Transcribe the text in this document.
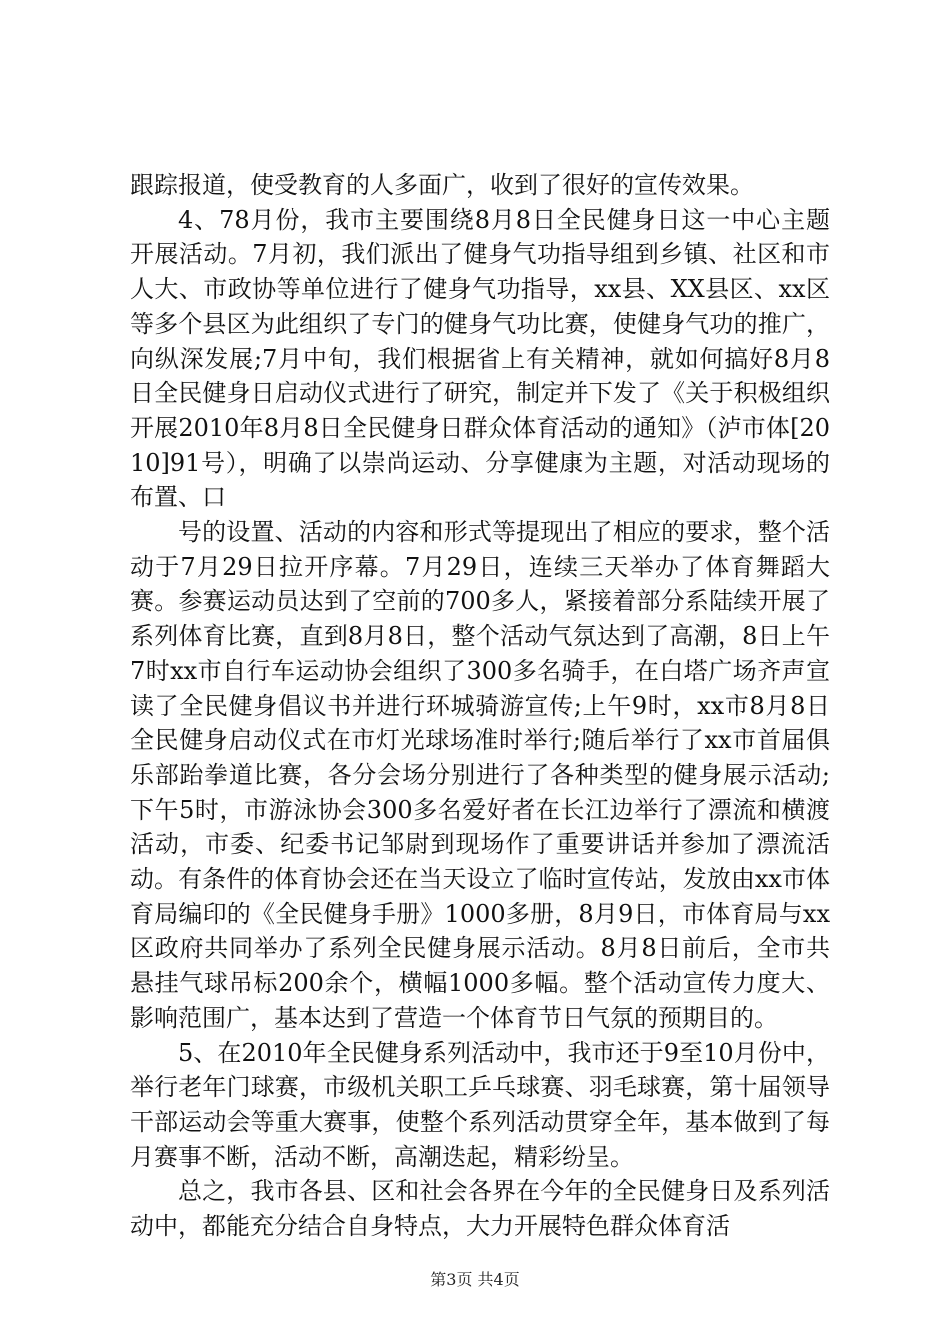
跟踪报道，使受教育的人多面广，收到了很好的宣传效果。

4、78月份，我市主要围绕8月8日全民健身日这一中心主题开展活动。7月初，我们派出了健身气功指导组到乡镇、社区和市人大、市政协等单位进行了健身气功指导，xx县、XX县区、xx区等多个县区为此组织了专门的健身气功比赛，使健身气功的推广，向纵深发展;7月中旬，我们根据省上有关精神，就如何搞好8月8日全民健身日启动仪式进行了研究，制定并下发了《关于积极组织开展2010年8月8日全民健身日群众体育活动的通知》（泸市体[2010]91号），明确了以崇尚运动、分享健康为主题，对活动现场的布置、口

号的设置、活动的内容和形式等提现出了相应的要求，整个活动于7月29日拉开序幕。7月29日，连续三天举办了体育舞蹈大赛。参赛运动员达到了空前的700多人，紧接着部分系陆续开展了系列体育比赛，直到8月8日，整个活动气氛达到了高潮，8日上午7时xx市自行车运动协会组织了300多名骑手，在白塔广场齐声宣读了全民健身倡议书并进行环城骑游宣传;上午9时，xx市8月8日全民健身启动仪式在市灯光球场准时举行;随后举行了xx市首届俱乐部跆拳道比赛，各分会场分别进行了各种类型的健身展示活动;下午5时，市游泳协会300多名爱好者在长江边举行了漂流和横渡活动，市委、纪委书记邹尉到现场作了重要讲话并参加了漂流活动。有条件的体育协会还在当天设立了临时宣传站，发放由xx市体育局编印的《全民健身手册》1000多册，8月9日，市体育局与xx区政府共同举办了系列全民健身展示活动。8月8日前后，全市共悬挂气球吊标200余个，横幅1000多幅。整个活动宣传力度大、影响范围广，基本达到了营造一个体育节日气氛的预期目的。

5、在2010年全民健身系列活动中，我市还于9至10月份中，举行老年门球赛，市级机关职工乒乓球赛、羽毛球赛，第十届领导干部运动会等重大赛事，使整个系列活动贯穿全年，基本做到了每月赛事不断，活动不断，高潮迭起，精彩纷呈。

总之，我市各县、区和社会各界在今年的全民健身日及系列活动中，都能充分结合自身特点，大力开展特色群众体育活

第3页 共4页
